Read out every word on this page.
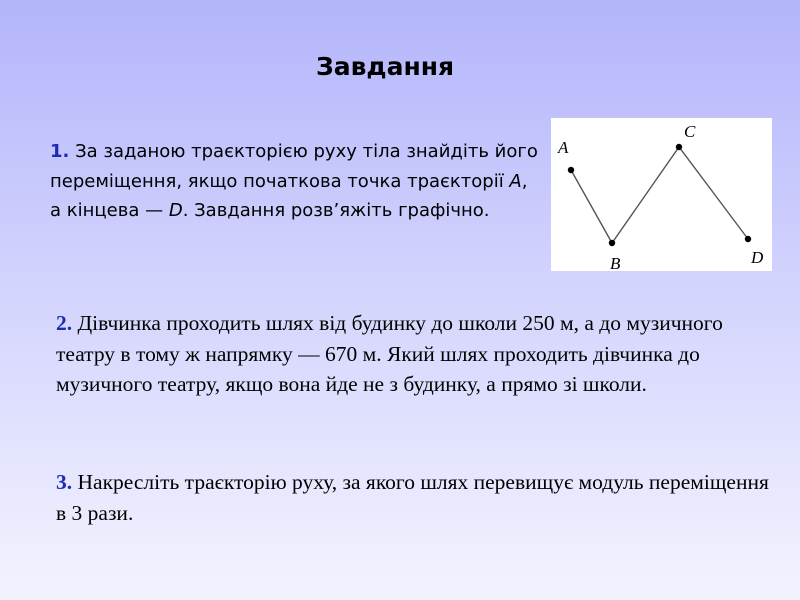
Завдання
1. За заданою траєкторією руху тіла знайдіть його переміщення, якщо початкова точка траєкторії A, а кінцева — D. Завдання розв’яжіть графічно.
A
B
C
D
2. Дівчинка проходить шлях від будинку до школи 250 м, а до музичного театру в тому ж напрямку — 670 м. Який шлях проходить дівчинка до музичного театру, якщо вона йде не з будинку, а прямо зі школи.
3. Накресліть траєкторію руху, за якого шлях перевищує модуль переміщення в 3 рази.
